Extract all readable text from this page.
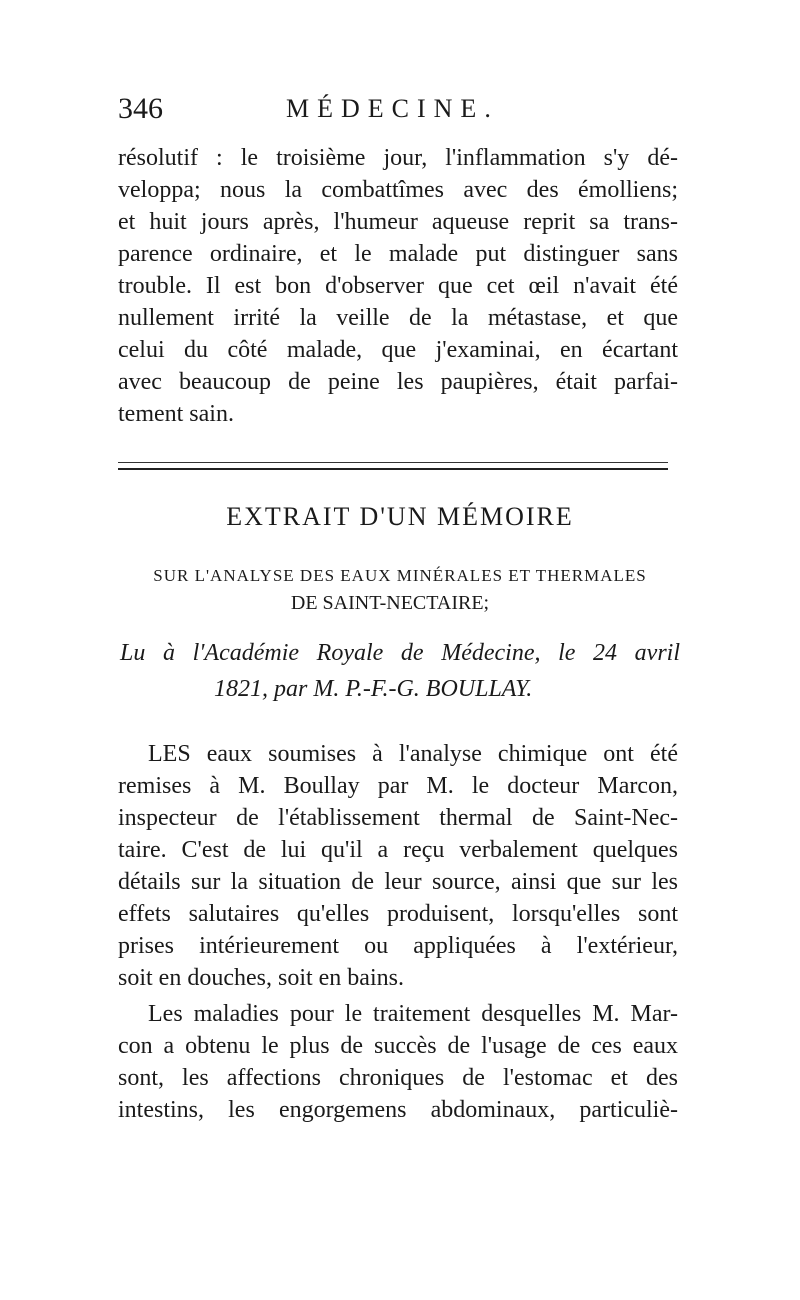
346	MÉDECINE.
résolutif : le troisième jour, l'inflammation s'y dé-
veloppa; nous la combattîmes avec des émolliens;
et huit jours après, l'humeur aqueuse reprit sa trans-
parence ordinaire, et le malade put distinguer sans
trouble. Il est bon d'observer que cet œil n'avait été
nullement irrité la veille de la métastase, et que
celui du côté malade, que j'examinai, en écartant
avec beaucoup de peine les paupières, était parfai-
tement sain.
EXTRAIT D'UN MÉMOIRE
SUR L'ANALYSE DES EAUX MINÉRALES ET THERMALES
DE SAINT-NECTAIRE;
Lu à l'Académie Royale de Médecine, le 24 avril
1821, par M. P.-F.-G. BOULLAY.
LES eaux soumises à l'analyse chimique ont été
remises à M. Boullay par M. le docteur Marcon,
inspecteur de l'établissement thermal de Saint-Nec-
taire. C'est de lui qu'il a reçu verbalement quelques
détails sur la situation de leur source, ainsi que sur les
effets salutaires qu'elles produisent, lorsqu'elles sont
prises intérieurement ou appliquées à l'extérieur,
soit en douches, soit en bains.
Les maladies pour le traitement desquelles M. Mar-
con a obtenu le plus de succès de l'usage de ces eaux
sont, les affections chroniques de l'estomac et des
intestins, les engorgemens abdominaux, particuliè-
